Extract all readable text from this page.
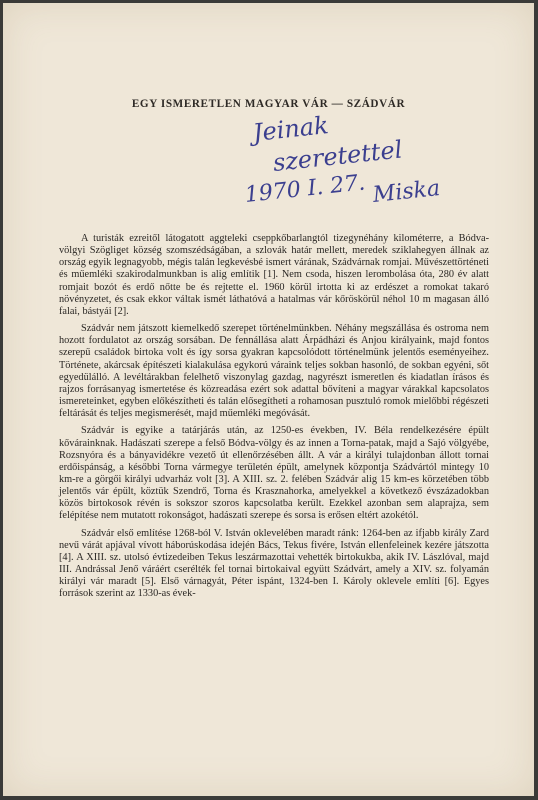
EGY ISMERETLEN MAGYAR VÁR — SZÁDVÁR
Jeinak
szeretettel
1970 I. 27. Miska

A turisták ezreitől látogatott aggteleki cseppkőbarlangtól tizegynéhány kilométerre, a Bódva-völgyi Szögliget község szomszédságában, a szlovák határ mellett, meredek sziklahegyen állnak az ország egyik legnagyobb, mégis talán legkevésbé ismert várának, Szádvárnak romjai. Művészettörténeti és műemléki szakirodalmunkban is alig említik [1]. Nem csoda, hiszen lerombolása óta, 280 év alatt romjait bozót és erdő nőtte be és rejtette el. 1960 körül irtotta ki az erdészet a romokat takaró növényzetet, és csak ekkor váltak ismét láthatóvá a hatalmas vár kőröskörül néhol 10 m magasan álló falai, bástyái [2].

Szádvár nem játszott kiemelkedő szerepet történelmünkben. Néhány megszállása és ostroma nem hozott fordulatot az ország sorsában. De fennállása alatt Árpádházi és Anjou királyaink, majd fontos szerepű családok birtoka volt és így sorsa gyakran kapcsolódott történelmünk jelentős eseményeihez. Története, akárcsak építészeti kialakulása egykorú váraink teljes sokban hasonló, de sokban egyéni, sőt egyedülálló. A levéltárakban felelhető viszonylag gazdag, nagyrészt ismeretlen és kiadatlan írásos és rajzos forrásanyag ismertetése és közreadása ezért sok adattal bővíteni a magyar várakkal kapcsolatos ismereteinket, egyben előkészítheti és talán elősegítheti a rohamosan pusztuló romok mielőbbi régészeti feltárását és teljes megismerését, majd műemléki megóvását.

Szádvár is egyike a tatárjárás után, az 1250-es években, IV. Béla rendelkezésére épült kővárainknak. Hadászati szerepe a felső Bódva-völgy és az innen a Torna-patak, majd a Sajó völgyébe, Rozsnyóra és a bányavidékre vezető út ellenőrzésében állt. A vár a királyi tulajdonban állott tornai erdőispánság, a későbbi Torna vármegye területén épült, amelynek központja Szádvártól mintegy 10 km-re a görgői királyi udvarház volt [3]. A XIII. sz. 2. felében Szádvár alig 15 km-es körzetében több jelentős vár épült, köztük Szendrő, Torna és Krasznahorka, amelyekkel a következő évszázadokban közös birtokosok révén is sokszor szoros kapcsolatba került. Ezekkel azonban sem alaprajza, sem felépítése nem mutatott rokonságot, hadászati szerepe és sorsa is erősen eltért azokétól.

Szádvár első említése 1268-ból V. István oklevelében maradt ránk: 1264-ben az ifjabb király Zard nevű várát apjával vívott háborúskodása idején Bács, Tekus fivére, István ellenfeleinek kezére játszotta [4]. A XIII. sz. utolsó évtizedeiben Tekus leszármazottai vehették birtokukba, akik IV. Lászlóval, majd III. Andrással Jenő váráért cserélték fel tornai birtokaival együtt Szádvárt, amely a XIV. sz. folyamán királyi vár maradt [5]. Első várnagyát, Péter ispánt, 1324-ben I. Károly oklevele említi [6]. Egyes források szerint az 1330-as évek-
